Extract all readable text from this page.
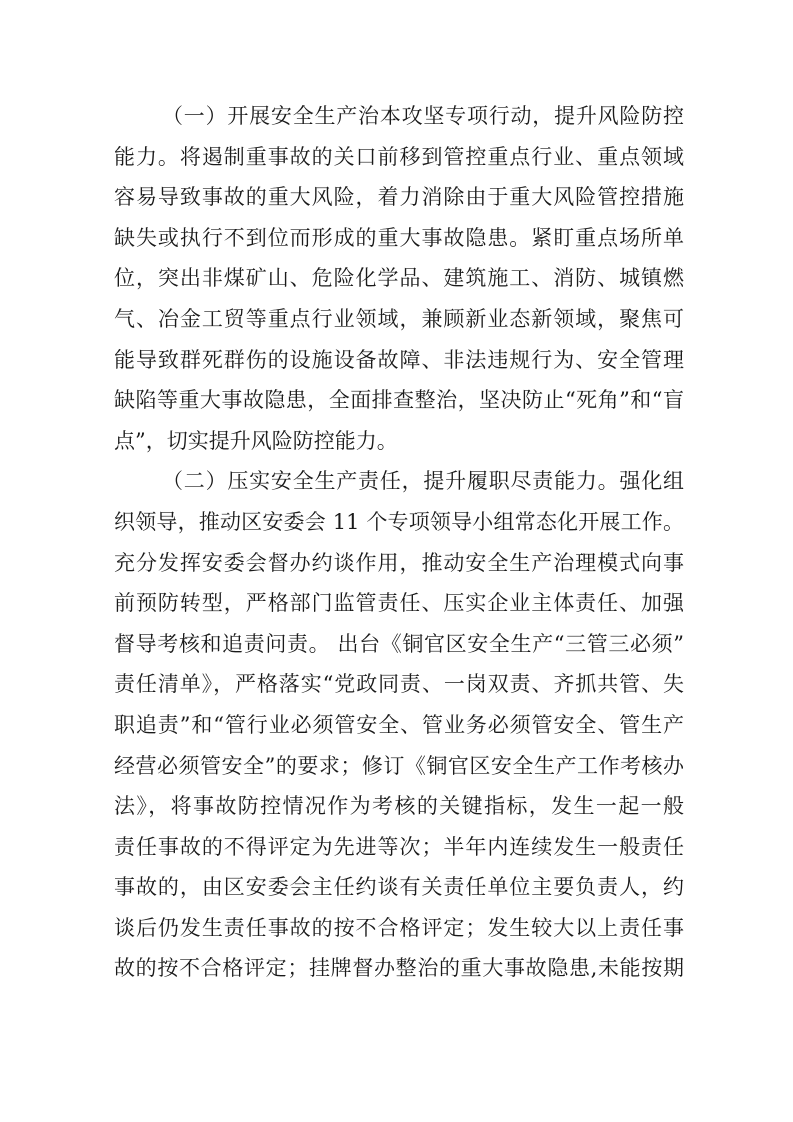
（一）开展安全生产治本攻坚专项行动，提升风险防控
能力。将遏制重事故的关口前移到管控重点行业、重点领域
容易导致事故的重大风险，着力消除由于重大风险管控措施
缺失或执行不到位而形成的重大事故隐患。紧盯重点场所单
位，突出非煤矿山、危险化学品、建筑施工、消防、城镇燃
气、冶金工贸等重点行业领域，兼顾新业态新领域，聚焦可
能导致群死群伤的设施设备故障、非法违规行为、安全管理
缺陷等重大事故隐患，全面排查整治，坚决防止“死角”和“盲
点”，切实提升风险防控能力。
（二）压实安全生产责任，提升履职尽责能力。强化组
织领导，推动区安委会 11 个专项领导小组常态化开展工作。
充分发挥安委会督办约谈作用，推动安全生产治理模式向事
前预防转型，严格部门监管责任、压实企业主体责任、加强
督导考核和追责问责。 出台《铜官区安全生产“三管三必须”
责任清单》，严格落实“党政同责、一岗双责、齐抓共管、失
职追责”和“管行业必须管安全、管业务必须管安全、管生产
经营必须管安全”的要求；修订《铜官区安全生产工作考核办
法》，将事故防控情况作为考核的关键指标，发生一起一般
责任事故的不得评定为先进等次；半年内连续发生一般责任
事故的，由区安委会主任约谈有关责任单位主要负责人，约
谈后仍发生责任事故的按不合格评定；发生较大以上责任事
故的按不合格评定；挂牌督办整治的重大事故隐患,未能按期
